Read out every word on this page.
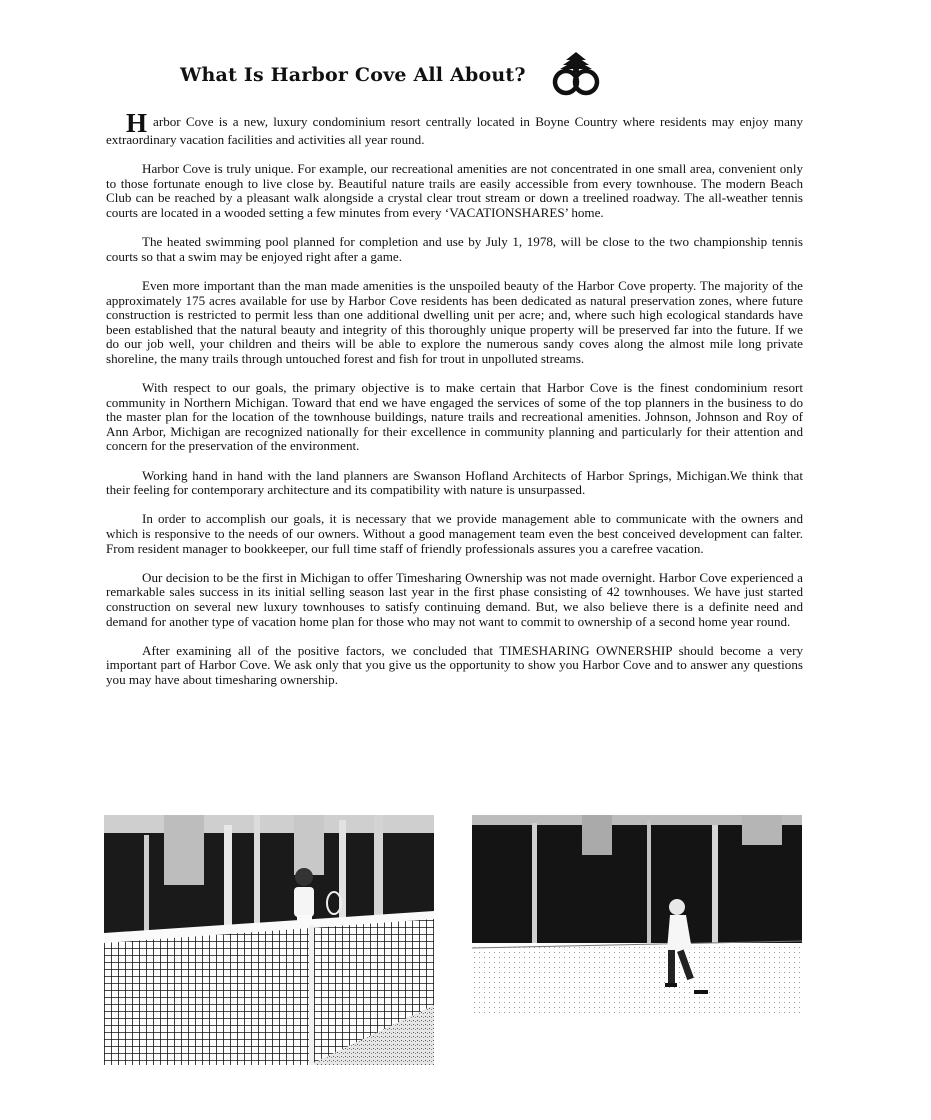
What Is Harbor Cove All About?

Harbor Cove is a new, luxury condominium resort centrally located in Boyne Country where residents may enjoy many extraordinary vacation facilities and activities all year round.

Harbor Cove is truly unique. For example, our recreational amenities are not concentrated in one small area, convenient only to those fortunate enough to live close by. Beautiful nature trails are easily accessible from every townhouse. The modern Beach Club can be reached by a pleasant walk alongside a crystal clear trout stream or down a treelined roadway. The all-weather tennis courts are located in a wooded setting a few minutes from every ‘VACATIONSHARES’ home.

The heated swimming pool planned for completion and use by July 1, 1978, will be close to the two championship tennis courts so that a swim may be enjoyed right after a game.

Even more important than the man made amenities is the unspoiled beauty of the Harbor Cove property. The majority of the approximately 175 acres available for use by Harbor Cove residents has been dedicated as natural preservation zones, where future construction is restricted to permit less than one additional dwelling unit per acre; and, where such high ecological standards have been established that the natural beauty and integrity of this thoroughly unique property will be preserved far into the future. If we do our job well, your children and theirs will be able to explore the numerous sandy coves along the almost mile long private shoreline, the many trails through untouched forest and fish for trout in unpolluted streams.

With respect to our goals, the primary objective is to make certain that Harbor Cove is the finest condominium resort community in Northern Michigan. Toward that end we have engaged the services of some of the top planners in the business to do the master plan for the location of the townhouse buildings, nature trails and recreational amenities. Johnson, Johnson and Roy of Ann Arbor, Michigan are recognized nationally for their excellence in community planning and particularly for their attention and concern for the preservation of the environment.

Working hand in hand with the land planners are Swanson Hofland Architects of Harbor Springs, Michigan.We think that their feeling for contemporary architecture and its compatibility with nature is unsurpassed.

In order to accomplish our goals, it is necessary that we provide management able to communicate with the owners and which is responsive to the needs of our owners. Without a good management team even the best conceived development can falter. From resident manager to bookkeeper, our full time staff of friendly professionals assures you a carefree vacation.

Our decision to be the first in Michigan to offer Timesharing Ownership was not made overnight. Harbor Cove experienced a remarkable sales success in its initial selling season last year in the first phase consisting of 42 townhouses. We have just started construction on several new luxury townhouses to satisfy continuing demand. But, we also believe there is a definite need and demand for another type of vacation home plan for those who may not want to commit to ownership of a second home year round.

After examining all of the positive factors, we concluded that TIMESHARING OWNERSHIP should become a very important part of Harbor Cove. We ask only that you give us the opportunity to show you Harbor Cove and to answer any questions you may have about timesharing ownership.
